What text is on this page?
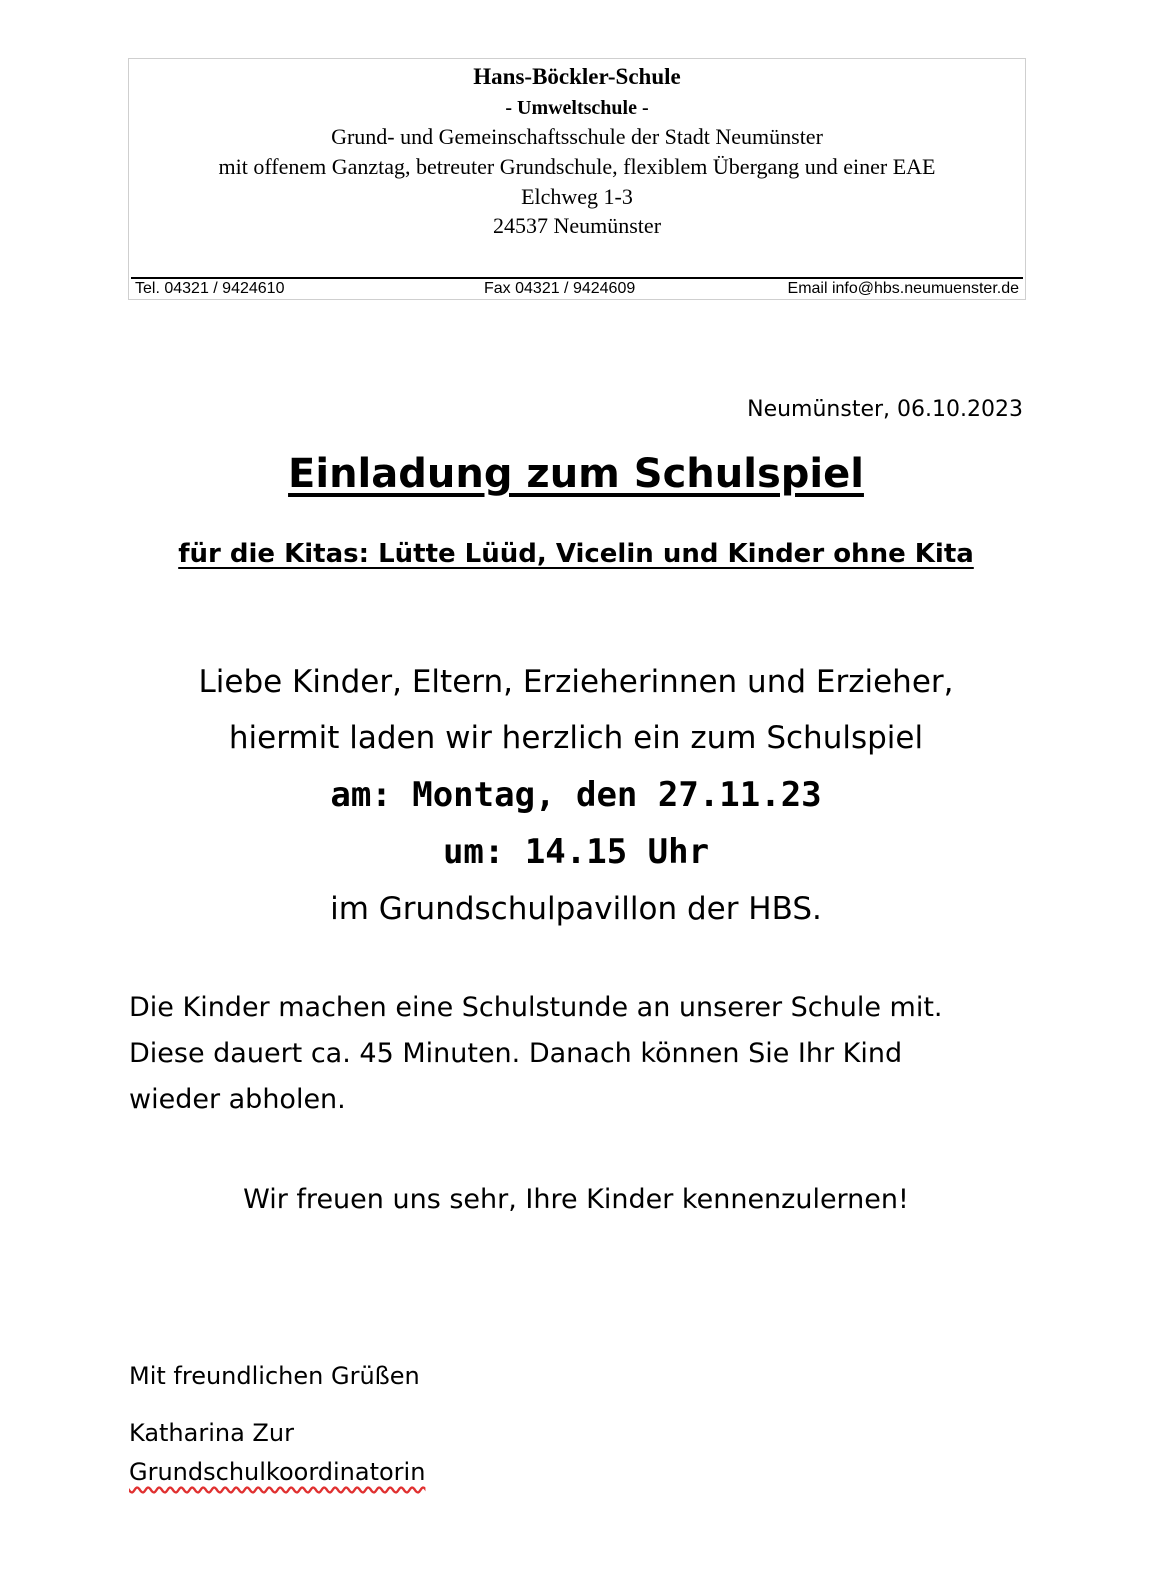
Hans-Böckler-Schule
- Umweltschule -
Grund- und Gemeinschaftsschule der Stadt Neumünster
mit offenem Ganztag, betreuter Grundschule, flexiblem Übergang und einer EAE
Elchweg 1-3
24537 Neumünster
Tel. 04321 / 9424610	Fax 04321 / 9424609	Email info@hbs.neumuenster.de
Neumünster, 06.10.2023
Einladung zum Schulspiel
für die Kitas: Lütte Lüüd, Vicelin und Kinder ohne Kita
Liebe Kinder, Eltern, Erzieherinnen und Erzieher,
hiermit laden wir herzlich ein zum Schulspiel
am: Montag, den 27.11.23
um: 14.15 Uhr
im Grundschulpavillon der HBS.
Die Kinder machen eine Schulstunde an unserer Schule mit.
Diese dauert ca. 45 Minuten. Danach können Sie Ihr Kind
wieder abholen.
Wir freuen uns sehr, Ihre Kinder kennenzulernen!
Mit freundlichen Grüßen
Katharina Zur
Grundschulkoordinatorin
